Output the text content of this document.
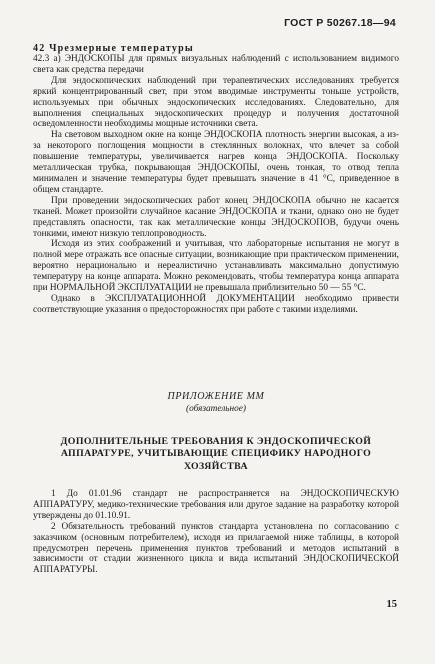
ГОСТ Р 50267.18—94
42 Чрезмерные температуры

42.3 а) ЭНДОСКОПЫ для прямых визуальных наблюдений с использованием видимого света как средства передачи

Для эндоскопических наблюдений при терапевтических исследованиях требуется яркий концентрированный свет, при этом вводимые инструменты тоньше устройств, используемых при обычных эндоскопических исследованиях. Следовательно, для выполнения специальных эндоскопических процедур и получения достаточной осведомленности необходимы мощные источники света.

На световом выходном окне на конце ЭНДОСКОПА плотность энергии высокая, а из-за некоторого поглощения мощности в стеклянных волокнах, что влечет за собой повышение температуры, увеличивается нагрев конца ЭНДОСКОПА. Поскольку металлическая трубка, покрывающая ЭНДОСКОПЫ, очень тонкая, то отвод тепла минимален и значение температуры будет превышать значение в 41 °С, приведенное в общем стандарте.

При проведении эндоскопических работ конец ЭНДОСКОПА обычно не касается тканей. Может произойти случайное касание ЭНДОСКОПА и ткани, однако оно не будет представлять опасности, так как металлические концы ЭНДОСКОПОВ, будучи очень тонкими, имеют низкую теплопроводность.

Исходя из этих соображений и учитывая, что лабораторные испытания не могут в полной мере отражать все опасные ситуации, возникающие при практическом применении, вероятно нерационально и нереалистично устанавливать максимально допустимую температуру на конце аппарата. Можно рекомендовать, чтобы температура конца аппарата при НОРМАЛЬНОЙ ЭКСПЛУАТАЦИИ не превышала приблизительно 50 — 55 °С.

Однако в ЭКСПЛУАТАЦИОННОЙ ДОКУМЕНТАЦИИ необходимо привести соответствующие указания о предосторожностях при работе с такими изделиями.

ПРИЛОЖЕНИЕ ММ
(обязательное)
ДОПОЛНИТЕЛЬНЫЕ ТРЕБОВАНИЯ К ЭНДОСКОПИЧЕСКОЙ
АППАРАТУРЕ, УЧИТЫВАЮЩИЕ СПЕЦИФИКУ НАРОДНОГО
ХОЗЯЙСТВА

1 До 01.01.96 стандарт не распространяется на ЭНДОСКОПИЧЕСКУЮ АППАРАТУРУ, медико-технические требования или другое задание на разработку которой утверждены до 01.10.91.

2 Обязательность требований пунктов стандарта установлена по согласованию с заказчиком (основным потребителем), исходя из прилагаемой ниже таблицы, в которой предусмотрен перечень применения пунктов требований и методов испытаний в зависимости от стадии жизненного цикла и вида испытаний ЭНДОСКОПИЧЕСКОЙ АППАРАТУРЫ.

15
